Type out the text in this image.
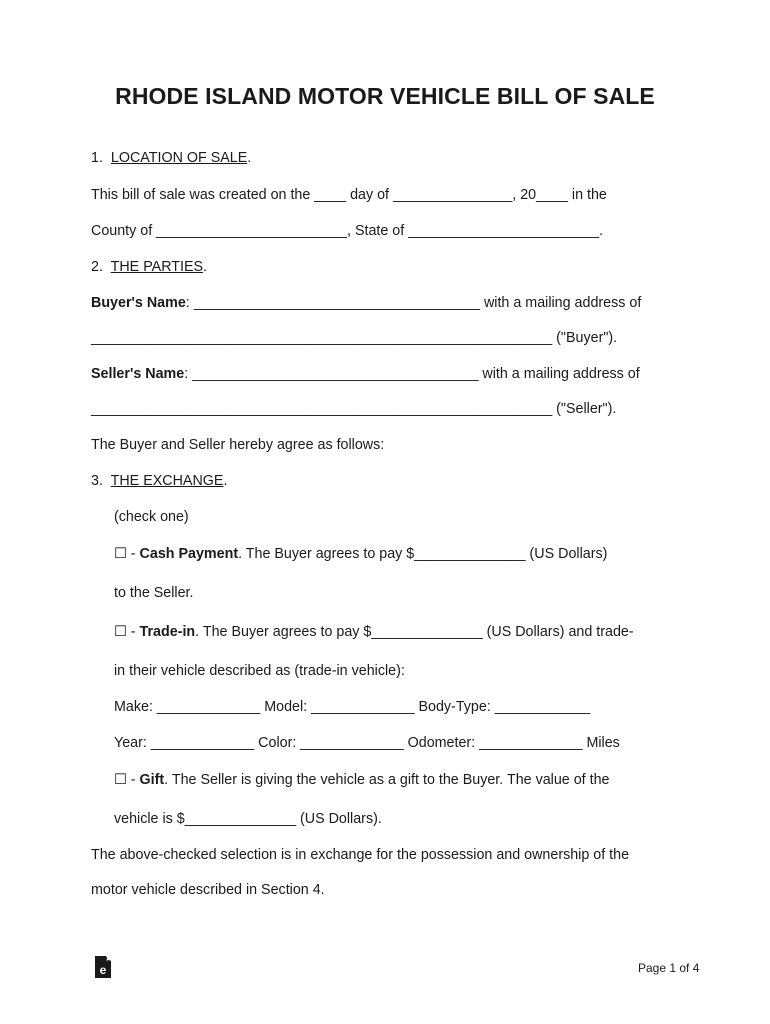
RHODE ISLAND MOTOR VEHICLE BILL OF SALE
1. LOCATION OF SALE.
This bill of sale was created on the ____ day of _______________, 20____ in the
County of ________________________, State of ________________________.
2. THE PARTIES.
Buyer's Name: ____________________________________ with a mailing address of
__________________________________________________________ ("Buyer").
Seller's Name: ____________________________________ with a mailing address of
__________________________________________________________ ("Seller").
The Buyer and Seller hereby agree as follows:
3. THE EXCHANGE.
(check one)
☐ - Cash Payment. The Buyer agrees to pay $______________ (US Dollars)
to the Seller.
☐ - Trade-in. The Buyer agrees to pay $______________ (US Dollars) and trade-
in their vehicle described as (trade-in vehicle):
Make: _____________ Model: _____________ Body-Type: ____________
Year: _____________ Color: _____________ Odometer: _____________ Miles
☐ - Gift. The Seller is giving the vehicle as a gift to the Buyer. The value of the
vehicle is $______________ (US Dollars).
The above-checked selection is in exchange for the possession and ownership of the
motor vehicle described in Section 4.
e	Page 1 of 4
